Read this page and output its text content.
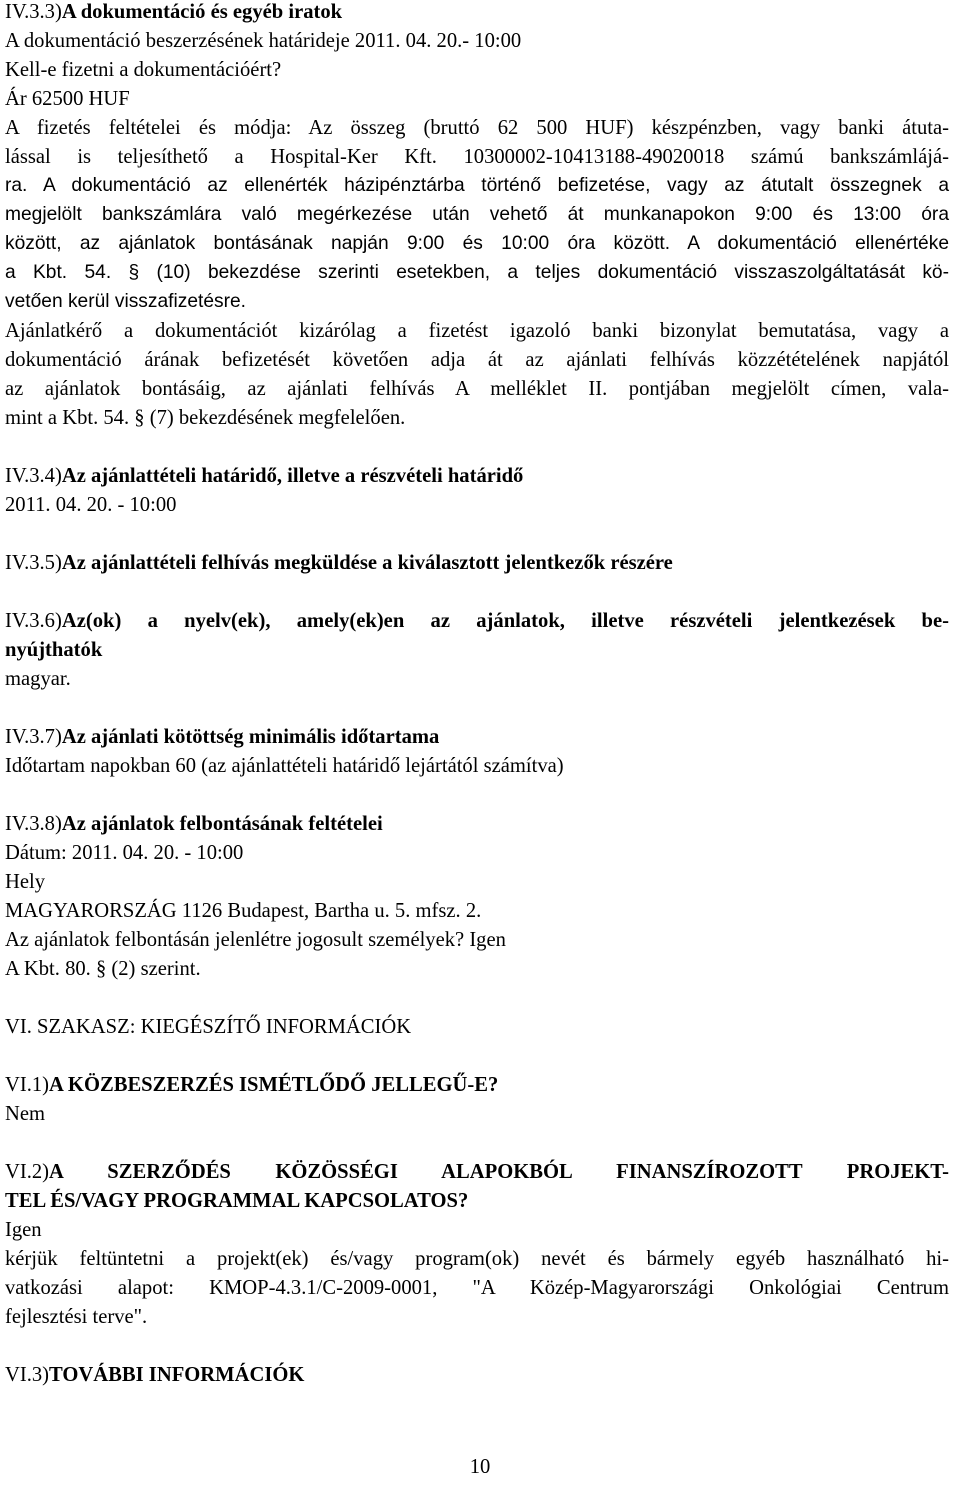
IV.3.3)A dokumentáció és egyéb iratok
A dokumentáció beszerzésének határideje 2011. 04. 20.- 10:00
Kell-e fizetni a dokumentációért?
Ár 62500 HUF
A fizetés feltételei és módja: Az összeg (bruttó 62 500 HUF) készpénzben, vagy banki átuta-
lással is teljesíthető a Hospital-Ker Kft. 10300002-10413188-49020018 számú bankszámlájá-
ra. A dokumentáció az ellenérték házipénztárba történő befizetése, vagy az átutalt összegnek a
megjelölt bankszámlára való megérkezése után vehető át munkanapokon 9:00 és 13:00 óra
között, az ajánlatok bontásának napján 9:00 és 10:00 óra között. A dokumentáció ellenértéke
a Kbt. 54. § (10) bekezdése szerinti esetekben, a teljes dokumentáció visszaszolgáltatását kö-
vetően kerül visszafizetésre.
Ajánlatkérő a dokumentációt kizárólag a fizetést igazoló banki bizonylat bemutatása, vagy a
dokumentáció árának befizetését követően adja át az ajánlati felhívás közzétételének napjától
az ajánlatok bontásáig, az ajánlati felhívás A melléklet II. pontjában megjelölt címen, vala-
mint a Kbt. 54. § (7) bekezdésének megfelelően.
IV.3.4)Az ajánlattételi határidő, illetve a részvételi határidő
2011. 04. 20. - 10:00
IV.3.5)Az ajánlattételi felhívás megküldése a kiválasztott jelentkezők részére
IV.3.6)Az(ok) a nyelv(ek), amely(ek)en az ajánlatok, illetve részvételi jelentkezések be-
nyújthatók
magyar.
IV.3.7)Az ajánlati kötöttség minimális időtartama
Időtartam napokban 60 (az ajánlattételi határidő lejártától számítva)
IV.3.8)Az ajánlatok felbontásának feltételei
Dátum: 2011. 04. 20. - 10:00
Hely
MAGYARORSZÁG 1126 Budapest, Bartha u. 5. mfsz. 2.
Az ajánlatok felbontásán jelenlétre jogosult személyek? Igen
A Kbt. 80. § (2) szerint.
VI. SZAKASZ: KIEGÉSZÍTŐ INFORMÁCIÓK
VI.1)A KÖZBESZERZÉS ISMÉTLŐDŐ JELLEGŰ-E?
Nem
VI.2)A SZERZŐDÉS KÖZÖSSÉGI ALAPOKBÓL FINANSZÍROZOTT PROJEKT-
TEL ÉS/VAGY PROGRAMMAL KAPCSOLATOS?
Igen
kérjük feltüntetni a projekt(ek) és/vagy program(ok) nevét és bármely egyéb használható hi-
vatkozási alapot: KMOP-4.3.1/C-2009-0001, "A Közép-Magyarországi Onkológiai Centrum
fejlesztési terve".
VI.3)TOVÁBBI INFORMÁCIÓK
10
